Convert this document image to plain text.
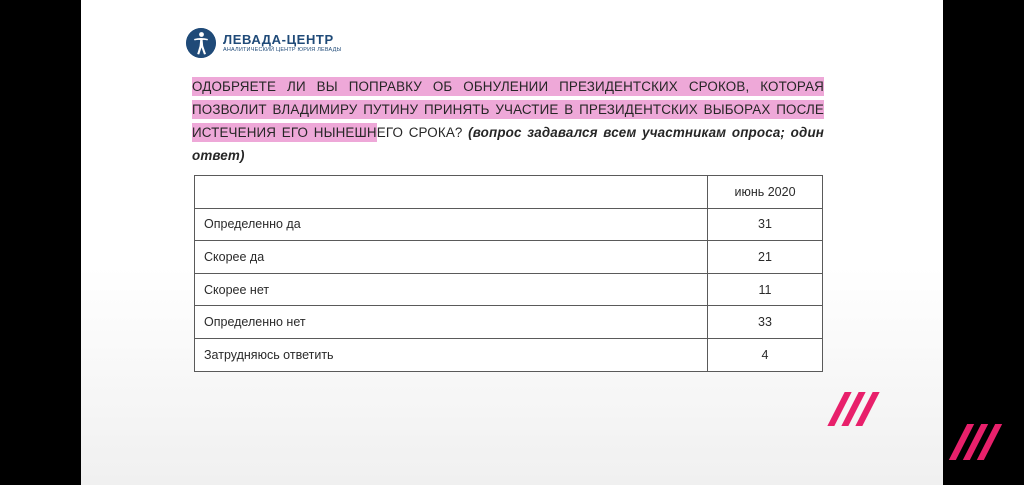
ЛЕВАДА-ЦЕНТР
АНАЛИТИЧЕСКИЙ ЦЕНТР ЮРИЯ ЛЕВАДЫ
ОДОБРЯЕТЕ ЛИ ВЫ ПОПРАВКУ ОБ ОБНУЛЕНИИ ПРЕЗИДЕНТСКИХ СРОКОВ, КОТОРАЯ ПОЗВОЛИТ ВЛАДИМИРУ ПУТИНУ ПРИНЯТЬ УЧАСТИЕ В ПРЕЗИДЕНТСКИХ ВЫБОРАХ ПОСЛЕ ИСТЕЧЕНИЯ ЕГО НЫНЕШНЕГО СРОКА? (вопрос задавался всем участникам опроса; один ответ)
	июнь 2020
Определенно да	31
Скорее да	21
Скорее нет	11
Определенно нет	33
Затрудняюсь ответить	4
